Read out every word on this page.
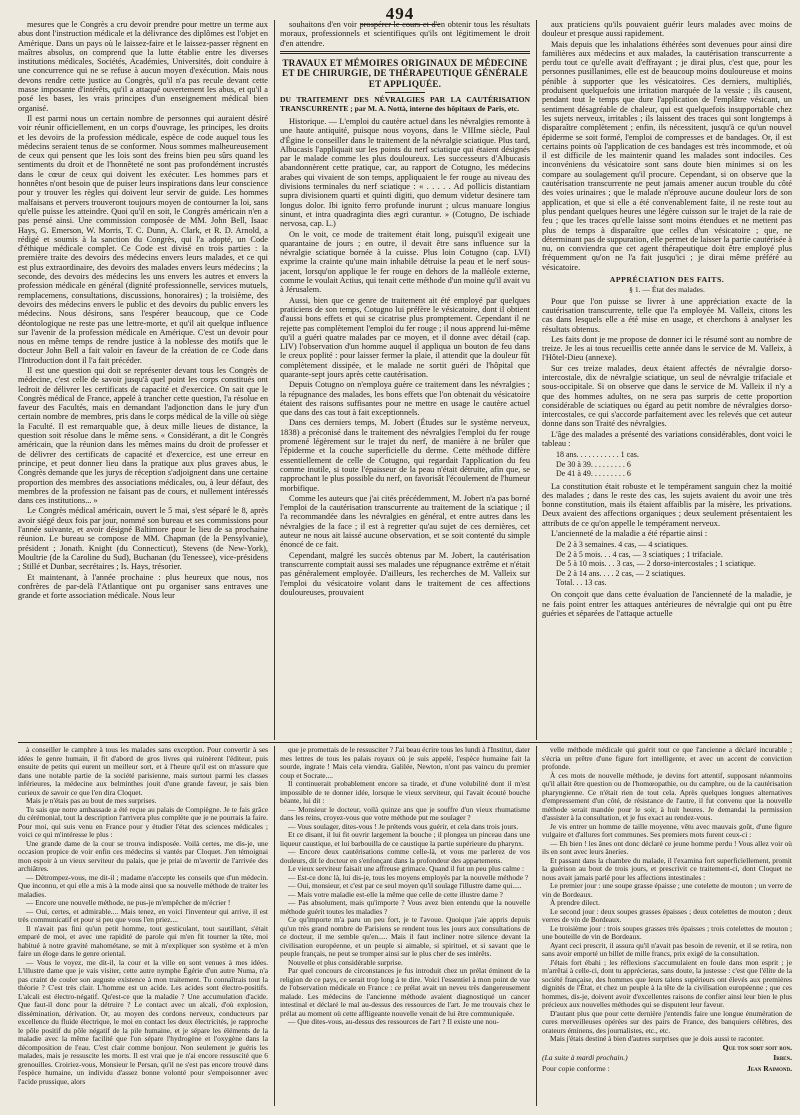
494

mesures que le Congrès a cru devoir prendre pour mettre un terme aux abus dont l'instruction médicale et la délivrance des diplômes est l'objet en Amérique. Dans un pays où le laissez-faire et le laissez-passer règnent en maîtres absolus, on comprend que la lutte établie entre les diverses institutions médicales, Sociétés, Académies, Universités, doit conduire à une concurrence qui ne se refuse à aucun moyen d'exécution. Mais nous devons rendre cette justice au Congrès, qu'il n'a pas recule devant cette masse imposante d'intérêts, qu'il a attaqué ouvertement les abus, et qu'il a posé les bases, les vrais principes d'un enseignement médical bien organisé.

Il est parmi nous un certain nombre de personnes qui auraient désiré voir réunir officiellement, en un corps d'ouvrage, les principes, les droits et les devoirs de la profession médicale, espèce de code auquel tous les médecins seraient tenus de se conformer. Nous sommes malheureusement de ceux qui pensent que les lois sont des freins bien peu sûrs quand les sentiments du droit et de l'honnêteté ne sont pas profondément incrustés dans le cœur de ceux qui doivent les exécuter. Les hommes pars et honnêtes n'ont besoin que de puiser leurs inspirations dans leur conscience pour y trouver les règles qui doivent leur servir de guide. Les hommes malfaisans et pervers trouveront toujours moyen de contourner la loi, sans qu'elle puisse les atteindre. Quoi qu'il en soit, le Congrès américain n'en a pas pensé ainsi. Une commission composée de MM. John Bell, Isaac Hays, G. Emerson, W. Morris, T. C. Dunn, A. Clark, et R. D. Arnold, a rédigé et soumis à la sanction du Congrès, qui l'a adopté, un Code d'éthique médicale complet. Ce Code est divisé en trois parties : la première traite des devoirs des médecins envers leurs malades, et ce qui est plus extraordinaire, des devoirs des malades envers leurs médecins ; la seconde, des devoirs des médecins les uns envers les autres et envers la profession médicale en général (dignité professionnelle, services mutuels, remplacemens, consultations, discussions, honoraires) ; la troisième, des devoirs des médecins envers le public et des devoirs du public envers les médecins. Nous désirons, sans l'espérer beaucoup, que ce Code déontologique ne reste pas une lettre-morte, et qu'il ait quelque influence sur l'avenir de la profession médicale en Amérique. C'est un devoir pour nous en même temps de rendre justice à la noblesse des motifs que le docteur John Bell a fait valoir en faveur de la création de ce Code dans l'Introduction dont il l'a fait précéder.

Il est une question qui doit se représenter devant tous les Congrès de médecine, c'est celle de savoir jusqu'à quel point les corps constitués ont ledroit de délivrer les certificats de capacité et d'exercice. On sait que le Congrès médical de France, appelé à trancher cette question, l'a résolue en faveur des Facultés, mais en demandant l'adjonction dans le jury d'un certain nombre de membres, pris dans le corps médical de la ville où siège la Faculté. Il est remarquable que, à deux mille lieues de distance, la question soit résolue dans le même sens. « Considérant, a dit le Congrès américain, que la réunion dans les mêmes mains du droit de professer et de délivrer des certificats de capacité et d'exercice, est une erreur en principe, et peut donner lieu dans la pratique aux plus graves abus, le Congrès demande que les jurys de réception s'adjoignent dans une certaine proportion des membres des associations médicales, ou, à leur défaut, des membres de la profession ne faisant pas de cours, et nullement intéressés dans ces institutions... »

Le Congrès médical américain, ouvert le 5 mai, s'est séparé le 8, après avoir siégé deux fois par jour, nommé son bureau et ses commissions pour l'année suivante, et avoir désigné Baltimore pour le lieu de sa prochaine réunion. Le bureau se compose de MM. Chapman (de la Pensylvanie), président ; Jonath. Knight (du Connecticut), Stevens (de New-York), Moultrie (de la Caroline du Sud), Buchanan (du Tenessee), vice-présidens ; Stillé et Dunbar, secrétaires ; Is. Hays, trésorier.

Et maintenant, à l'année prochaine : plus heureux que nous, nos confrères de par-delà l'Atlantique ont pu organiser sans entraves une grande et forte association médicale. Nous leur

souhaitons d'en voir prospérer le cours et d'en obtenir tous les résultats moraux, professionnels et scientifiques qu'ils ont légitimement le droit d'en attendre.

TRAVAUX ET MÉMOIRES ORIGINAUX DE MÉDECINE ET DE CHIRURGIE, DE THÉRAPEUTIQUE GÉNÉRALE ET APPLIQUÉE.
DU TRAITEMENT DES NÉVRALGIES PAR LA CAUTÉRISATION TRANSCURRENTE ; par M. A. Nottà, interne des hôpitaux de Paris, etc.

Historique. — L'emploi du cautère actuel dans les névralgies remonte à une haute antiquité, puisque nous voyons, dans le VIIIme siècle, Paul d'Égine le conseiller dans le traitement de la névralgie sciatique. Plus tard, Albucasis l'appliquait sur les points du nerf sciatique qui étaient désignés par le malade comme les plus douloureux. Les successeurs d'Albucasis abandonnèrent cette pratique, car, au rapport de Cotugno, les médecins arabes qui vivaient de son temps, appliquaient le fer rouge au niveau des divisions terminales du nerf sciatique : « . . . . . Ad pollicis distantiam supra divisionem quarti et quinti digiti, quo demum videtur desinere tam longus dolor. Ibi ignito ferro profunde inurunt ; ulcus manuare longius sinunt, et intra quadraginta dies ægri curantur. » (Cotugno, De ischiade nervosa, cap. L.)

On le voit, ce mode de traitement était long, puisqu'il exigeait une quarantaine de jours ; en outre, il devait être sans influence sur la névralgie sciatique bornée à la cuisse. Plus loin Cotugno (cap. LVI) exprime la crainte qu'une main inhabile détruise la peau et le nerf sous-jacent, lorsqu'on applique le fer rouge en dehors de la malléole externe, comme le voulait Actius, qui tenait cette méthode d'un moine qu'il avait vu à Jérusalem.

Aussi, bien que ce genre de traitement ait été employé par quelques praticiens de son temps, Cotugno lui préfère le vésicatoire, dont il obtient d'aussi bons effets et qui se cicatrise plus promptement. Cependant il ne rejette pas complètement l'emploi du fer rouge ; il nous apprend lui-même qu'il a guéri quatre malades par ce moyen, et il donne avec détail (cap. LIV) l'observation d'un homme auquel il appliqua un bouton de feu dans le creux poplité : pour laisser fermer la plaie, il attendit que la douleur fût complètement dissipée, et le malade ne sortit guéri de l'hôpital que quarante-sept jours après cette cautérisation.

Depuis Cotugno on n'employa guère ce traitement dans les névralgies ; la répugnance des malades, les bons effets que l'on obtenait du vésicatoire étaient des raisons suffisantes pour ne mettre en usage le cautère actuel que dans des cas tout à fait exceptionnels.

Dans ces derniers temps, M. Jobert (Études sur le système nerveux, 1838) a préconisé dans le traitement des névralgies l'emploi du fer rouge promené légèrement sur le trajet du nerf, de manière à ne brûler que l'épiderme et la couche superficielle du derme. Cette méthode diffère essentiellement de celle de Cotugno, qui regardait l'application du feu comme inutile, si toute l'épaisseur de la peau n'était détruite, afin que, se rapprochant le plus possible du nerf, on favorisât l'écoulement de l'humeur morbifique.

Comme les auteurs que j'ai cités précédemment, M. Jobert n'a pas borné l'emploi de la cautérisation transcurrente au traitement de la sciatique ; il l'a recommandée dans les névralgies en général, et entre autres dans les névralgies de la face ; il est à regretter qu'au sujet de ces dernières, cet auteur ne nous ait laissé aucune observation, et se soit contenté du simple énoncé de ce fait.

Cependant, malgré les succès obtenus par M. Jobert, la cautérisation transcurrente comptait aussi ses malades une répugnance extrême et n'était pas généralement employée. D'ailleurs, les recherches de M. Valleix sur l'emploi du vésicatoire volant dans le traitement de ces affections douloureuses, prouvaient

aux praticiens qu'ils pouvaient guérir leurs malades avec moins de douleur et presque aussi rapidement.

Mais depuis que les inhalations éthérées sont devenues pour ainsi dire familières aux médecins et aux malades, la cautérisation transcurrente a perdu tout ce qu'elle avait d'effrayant ; je dirai plus, c'est que, pour les personnes pusillanimes, elle est de beaucoup moins douloureuse et moins pénible à supporter que les vésicatoires. Ces derniers, multipliés, produisent quelquefois une irritation marquée de la vessie ; ils causent, pendant tout le temps que dure l'application de l'emplâtre vésicant, un sentiment désagréable de chaleur, qui est quelquefois insupportable chez les sujets nerveux, irritables ; ils laissent des traces qui sont longtemps à disparaître complètement ; enfin, ils nécessitent, jusqu'à ce qu'un nouvel épiderme se soit formé, l'emploi de compresses et de bandages. Or, il est certains points où l'application de ces bandages est très incommode, et où il est difficile de les maintenir quand les malades sont indociles. Ces inconvéniens du vésicatoire sont sans doute bien minimes si on les compare au soulagement qu'il procure. Cependant, si on observe que la cautérisation transcurrente ne peut jamais amener aucun trouble du côté des voies urinaires ; que le malade n'éprouve aucune douleur lors de son application, et que si elle a été convenablement faite, il ne reste tout au plus pendant quelques heures une légère cuisson sur le trajet de la raie de feu ; que les traces qu'elle laisse sont moins étendues et ne mettent pas plus de temps à disparaître que celles d'un vésicatoire ; que, ne déterminant pas de suppuration, elle permet de laisser la partie cautérisée à nu, on conviendra que cet agent thérapeutique doit être employé plus fréquemment qu'on ne l'a fait jusqu'ici ; je dirai même préféré au vésicatoire.

APPRÉCIATION DES FAITS.
§ 1. — État des malades.

Pour que l'on puisse se livrer à une appréciation exacte de la cautérisation transcurrente, telle que l'a employée M. Valleix, citons les cas dans lesquels elle a été mise en usage, et cherchons à analyser les résultats obtenus.

Les faits dont je me propose de donner ici le résumé sont au nombre de treize. Je les ai tous recueillis cette année dans le service de M. Valleix, à l'Hôtel-Dieu (annexe).

Sur ces treize malades, deux étaient affectés de névralgie dorso-intercostale, dix de névralgie sciatique, un seul de névralgie trifaciale et sous-occipitale. Si on observe que dans le service de M. Valleix il n'y a que des hommes adultes, on ne sera pas surpris de cette proportion considérable de sciatiques ou égard au petit nombre de névralgies dorso-intercostales, ce qui s'accorde parfaitement avec les relevés que cet auteur donne dans son Traité des névralgies.

L'âge des malades a présenté des variations considérables, dont voici le tableau :

18 ans. . . . . . . . . . . 1 cas.
De 30 à 39. . . . . . . . . 6
De 41 à 49. . . . . . . . . 6

La constitution était robuste et le tempérament sanguin chez la moitié des malades ; dans le reste des cas, les sujets avaient du avoir une très bonne constitution, mais ils étaient affaiblis par la misère, les privations. Deux avaient des affections organiques ; deux seulement présentaient les attributs de ce qu'on appelle le tempérament nerveux.

L'ancienneté de la maladie a été répartie ainsi :

De 2 à 3 semaines. 4 cas, — 4 sciatiques.
De 2 à 5 mois. . . 4 cas, — 3 sciatiques ; 1 trifaciale.
De 5 à 10 mois. . . 3 cas, — 2 dorso-intercostales ; 1 sciatique.
De 2 à 14 ans. . . . 2 cas, — 2 sciatiques.
Total. . . 13 cas.

On conçoit que dans cette évaluation de l'ancienneté de la maladie, je ne fais point entrer les attaques antérieures de névralgie qui ont pu être guéries et séparées de l'attaque actuelle

à conseiller le camphre à tous les malades sans exception. Pour convertir à ses idées le genre humain, il fit d'abord de gros livres qui ruinèrent l'éditeur, puis ensuite de petits qui eurent un meilleur sort, et à l'heure qu'il est on m'assure que dans une notable partie de la société parisienne, mais surtout parmi les classes inférieures, la médecine aux belminthes jouit d'une grande faveur, je sais bien curieux de savoir ce que l'en dira Cloquet.

Mais je n'étais pas au bout de mes surprises.

Tu sais que notre ambassade a été reçue au palais de Compiègne. Je te fais grâce du cérémonial, tout la description l'arrivera plus complète que je ne pourrais la faire. Pour moi, qui suis venu en France pour y étudier l'état des sciences médicales ; voici ce qui m'intéresse le plus :

Une grande dame de la cour se trouva indisposée. Voilà certes, me dis-je, une occasion propice de voir enfin ces médecins si vantés par Cloquet. J'en témoignai mon espoir à un vieux serviteur du palais, que je priai de m'avertir de l'arrivée des archiâtres.

— Détrompez-vous, me dit-il ; madame n'accepte les conseils que d'un médecin. Que inconnu, et qui elle a mis à la mode ainsi que sa nouvelle méthode de traiter les maladies.

— Encore une nouvelle méthode, ne pus-je m'empêcher de m'écrier !

— Oui, certes, et admirable.... Mais tenez, en voici l'inventeur qui arrive, il est très communicatif et pour si peu que vous l'en priez....

Il n'avait pas fini qu'un petit homme, tout gesticulant, tout sautillant, s'était emparé de moi, et avec une rapidité de parole qui m'en fit tourner la tête, moi habitué à notre gravité mahométane, se mit à m'expliquer son système et à m'en faire un éloge dans le genre oriental.

— Vous le voyez, me dit-il, la cour et la ville en sont venues à mes idées. L'illustre dame que je vais visiter, cette autre nymphe Égérie d'un autre Numa, n'a pas craint de couler son auguste existence à mon traitement. Tu connaîtrais tout la théorie ? C'est très clair. L'homme est un acide. Les acides sont électro-positifs. L'alcali est électro-négatif. Qu'est-ce que la maladie ? Une accumulation d'acide. Que faut-il donc pour la détruire ? Le contact avec un alcali, d'où explosion, dissémination, dérivation. Or, au moyen des cordons nerveux, conducteurs par excellence du fluide électrique, le moi en contact les deux électricités, je rapproche le pôle positif du pôle négatif de la pile humaine, et je sépare les éléments de la maladie avec la même facilité que l'on sépare l'hydrogène et l'oxygène dans la décomposition de l'eau. C'est clair comme bonjour. Non seulement je guéris les malades, mais je ressuscite les morts. Il est vrai que je n'ai encore ressuscité que 6 grenouilles. Croiriez-vous, Monsieur le Persan, qu'il ne s'est pas encore trouvé dans l'espèce humaine, un individu d'assez bonne volonté pour s'empoisonner avec l'acide prussique, alors

que je promettais de le ressusciter ? J'ai beau écrire tous les lundi à l'Institut, dater mes lettres de tous les palais royaux où je suis appelé, l'espèce humaine fait la sourde, ingrate ! Mais cela viendra. Galilée, Newton, n'ont pas vaincu du premier coup et Socrate....

Il continuerait probablement encore sa tirade, et d'une volubilité dont il m'est impossible de te donner idée, lorsque le vieux serviteur, qui l'avait écouté bouche béante, lui dit :

— Monsieur le docteur, voilà quinze ans que je souffre d'un vieux rhumatisme dans les reins, croyez-vous que votre méthode put me soulager ?

— Vous soulager, dites-vous ! Je prétends vous guérir, et cela dans trois jours.

Et ce disant, il lui fit ouvrir largement la bouche ; il plongea un pinceau dans une liqueur caustique, et lui barbouilla de ce caustique la partie supérieure du pharynx.

— Encore deux cautérisations comme celle-là, et vous me parlerez de vos douleurs, dit le docteur en s'enfonçant dans la profondeur des appartemens.

Le vieux serviteur faisait une affreuse grimace. Quand il fut un peu plus calme :

— Est-ce donc là, lui dis-je, tous les moyens employés par la nouvelle méthode ?

— Oui, monsieur, et c'est par ce seul moyen qu'il soulage l'illustre dame qui.....

— Mais votre maladie est-elle la même que celle de cette illustre dame ?

— Pas absolument, mais qu'importe ? Vous avez bien entendu que la nouvelle méthode guérit toutes les maladies ?

Ce qu'importe m'a paru un peu fort, je te l'avoue. Quoique j'aie appris depuis qu'un très grand nombre de Parisiens se rendent tous les jours aux consultations de ce docteur, il me semble qu'en..... Mais il faut incliner notre silence devant la civilisation européenne, et un peuple si aimable, si spirituel, et si savant que le peuple français, ne peut se tromper ainsi sur le plus cher de ses intérêts.

Nouvelle et plus considérable surprise.

Par quel concours de circonstances je fus introduit chez un prélat éminent de la religion de ce pays, ce serait trop long à te dire. Voici l'essentiel à mon point de vue de l'observation médicale en France : ce prélat avait un neveu très dangereusement malade. Les médecins de l'ancienne méthode avaient diagnostiqué un cancer intestinal et déclaré le mal au-dessus des ressources de l'art. Je me trouvais chez le prélat au moment où cette affligeante nouvelle venait de lui être communiquée.

— Que dites-vous, au-dessus des ressources de l'art ? Il existe une nou-

velle méthode médicale qui guérit tout ce que l'ancienne a déclaré incurable ; s'écria un prêtre d'une figure fort intelligente, et avec un accent de conviction profonde.

À ces mots de nouvelle méthode, je devins fort attentif, supposant néanmoins qu'il allait être question ou de l'homœopathie, ou du camphre, ou de la cautérisation pharyngienne. Ce n'était rien de tout cela. Après quelques longues alternatives d'empressement d'un côté, de résistance de l'autre, il fut convenu que la nouvelle méthode serait mandée pour le soir, à huit heures. Je demandai la permission d'assister à la consultation, et je fus exact au rendez-vous.

Je vis entrer un homme de taille moyenne, vêtu avec mauvais goût, d'une figure vulgaire et d'allures fort communes. Ses premiers mots furent ceux-ci :

— Eh bien ! les ânes ont donc déclaré ce jeune homme perdu ! Vous allez voir où ils en sont avec leurs âneries.

Et passant dans la chambre du malade, il l'examina fort superficiellement, promit la guérison au bout de trois jours, et prescrivit ce traitement-ci, dont Cloquet ne nous avait jamais parlé pour les affections intestinales :

Le premier jour : une soupe grasse épaisse ; une cotelette de mouton ; un verre de vin de Bordeaux.

À prendre dilect.

Le second jour : deux soupes grasses épaisses ; deux cotelettes de mouton ; deux verres de vin de Bordeaux.

Le troisième jour : trois soupes grasses très épaisses ; trois cotelettes de mouton ; une bouteille de vin de Bordeaux.

Ayant ceci prescrit, il assura qu'il n'avait pas besoin de revenir, et il se retira, non sans avoir emporté un billet de mille francs, prix exigé de la consultation.

J'étais fort ébahi ; les réflexions s'accumulaient en foule dans mon esprit ; je m'arrêtai à celle-ci, dont tu apprécieras, sans doute, la justesse : c'est que l'élite de la société française, des hommes que leurs talens supérieurs ont élevés aux premières dignités de l'État, et chez un peuple à la tête de la civilisation européenne ; que ces hommes, dis-je, doivent avoir d'excellentes raisons de confier ainsi leur bien le plus précieux aux nouvelles méthodes qui se disputent leur faveur.

D'autant plus que pour cette dernière j'entendis faire une longue énumération de cures merveilleuses opérées sur des pairs de France, des banquiers célèbres, des orateurs éminens, des journalistes, etc., etc.

Mais j'étais destiné à bien d'autres surprises que je dois aussi te raconter.

Que ton sort soit bon.
(La suite à mardi prochain.)	Irben.
Pour copie conforme :	Jean Raimond.
